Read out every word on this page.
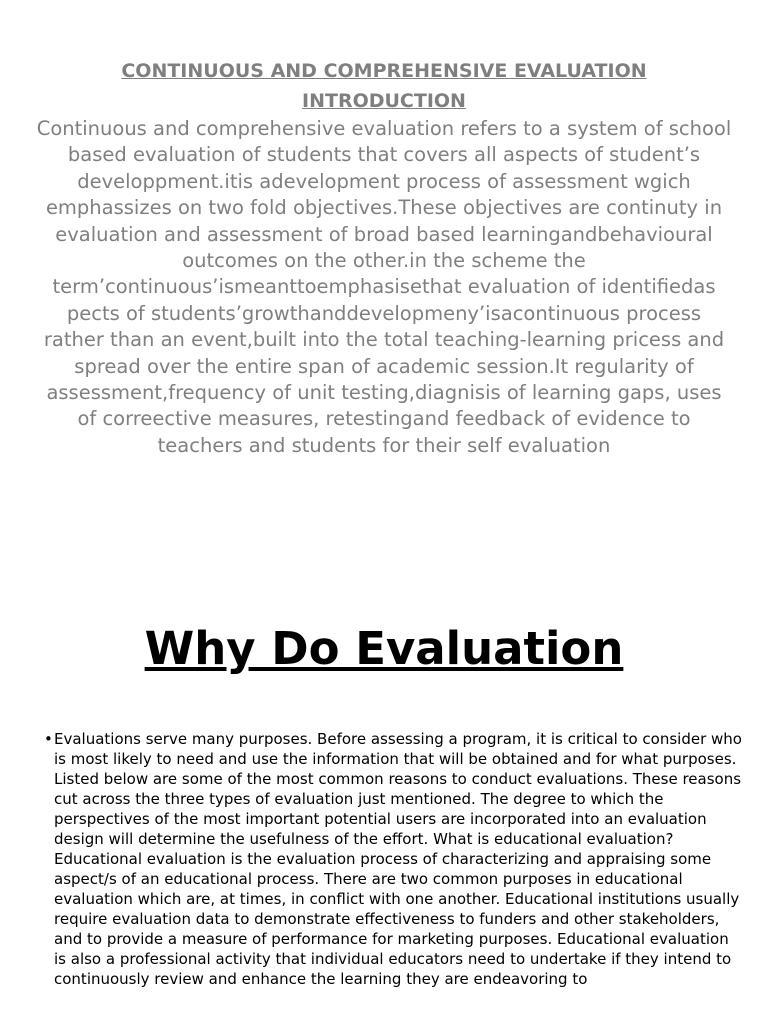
CONTINUOUS AND COMPREHENSIVE EVALUATION

INTRODUCTION

Continuous and comprehensive evaluation refers to a system of school based evaluation of students that covers all aspects of student’s developpment.itis adevelopment process of assessment wgich emphassizes on two fold objectives.These objectives are continuty in evaluation and assessment of broad based learningandbehavioural outcomes on the other.in the scheme the term’continuous’ismeanttoemphasisethat evaluation of identifiedas pects of students’growthanddevelopmeny’isacontinuous process rather than an event,built into the total teaching-learning pricess and spread over the entire span of academic session.It regularity of assessment,frequency of unit testing,diagnisis of learning gaps, uses of correective measures, retestingand feedback of evidence to teachers and students for their self evaluation

Why Do Evaluation

•Evaluations serve many purposes. Before assessing a program, it is critical to consider who is most likely to need and use the information that will be obtained and for what purposes. Listed below are some of the most common reasons to conduct evaluations. These reasons cut across the three types of evaluation just mentioned. The degree to which the perspectives of the most important potential users are incorporated into an evaluation design will determine the usefulness of the effort. What is educational evaluation? Educational evaluation is the evaluation process of characterizing and appraising some aspect/s of an educational process. There are two common purposes in educational evaluation which are, at times, in conflict with one another. Educational institutions usually require evaluation data to demonstrate effectiveness to funders and other stakeholders, and to provide a measure of performance for marketing purposes. Educational evaluation is also a professional activity that individual educators need to undertake if they intend to continuously review and enhance the learning they are endeavoring to
